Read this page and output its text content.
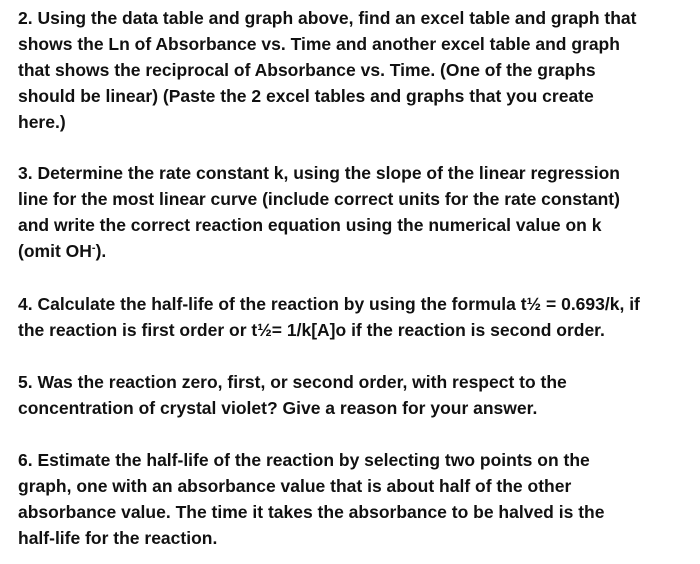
2. Using the data table and graph above, find an excel table and graph that
shows the Ln of Absorbance vs. Time and another excel table and graph
that shows the reciprocal of Absorbance vs. Time. (One of the graphs
should be linear) (Paste the 2 excel tables and graphs that you create
here.)

3. Determine the rate constant k, using the slope of the linear regression
line for the most linear curve (include correct units for the rate constant)
and write the correct reaction equation using the numerical value on k
(omit OH-).

4. Calculate the half-life of the reaction by using the formula t½ = 0.693/k, if
the reaction is first order or t½= 1/k[A]o if the reaction is second order.

5. Was the reaction zero, first, or second order, with respect to the
concentration of crystal violet? Give a reason for your answer.

6. Estimate the half-life of the reaction by selecting two points on the
graph, one with an absorbance value that is about half of the other
absorbance value. The time it takes the absorbance to be halved is the
half-life for the reaction.
